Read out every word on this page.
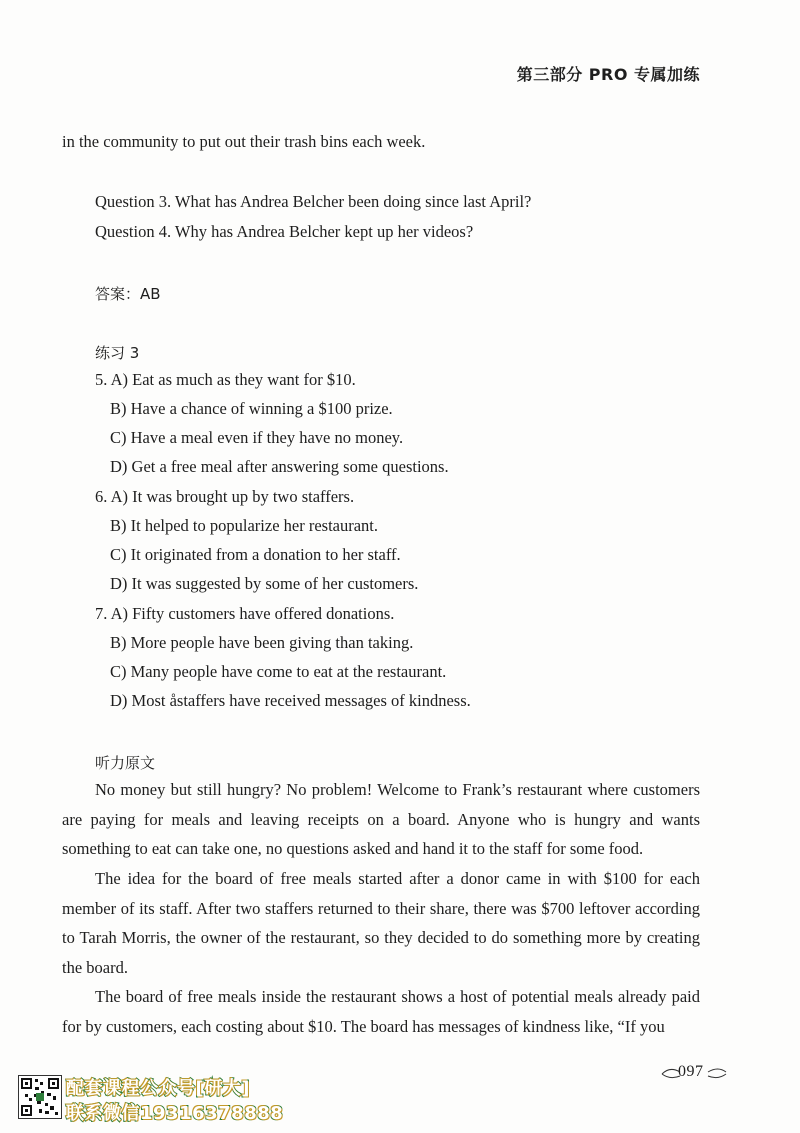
第三部分 PRO 专属加练
in the community to put out their trash bins each week.
Question 3. What has Andrea Belcher been doing since last April?
Question 4. Why has Andrea Belcher kept up her videos?
答案：AB
练习 3
5. A) Eat as much as they want for $10.
B) Have a chance of winning a $100 prize.
C) Have a meal even if they have no money.
D) Get a free meal after answering some questions.
6. A) It was brought up by two staffers.
B) It helped to popularize her restaurant.
C) It originated from a donation to her staff.
D) It was suggested by some of her customers.
7. A) Fifty customers have offered donations.
B) More people have been giving than taking.
C) Many people have come to eat at the restaurant.
D) Most åstaffers have received messages of kindness.
听力原文
No money but still hungry? No problem! Welcome to Frank’s restaurant where customers are paying for meals and leaving receipts on a board. Anyone who is hungry and wants something to eat can take one, no questions asked and hand it to the staff for some food.
The idea for the board of free meals started after a donor came in with $100 for each member of its staff. After two staffers returned to their share, there was $700 leftover according to Tarah Morris, the owner of the restaurant, so they decided to do something more by creating the board.
The board of free meals inside the restaurant shows a host of potential meals already paid for by customers, each costing about $10. The board has messages of kindness like, “If you
097
配套课程公众号[研大]
联系微信19316378888
